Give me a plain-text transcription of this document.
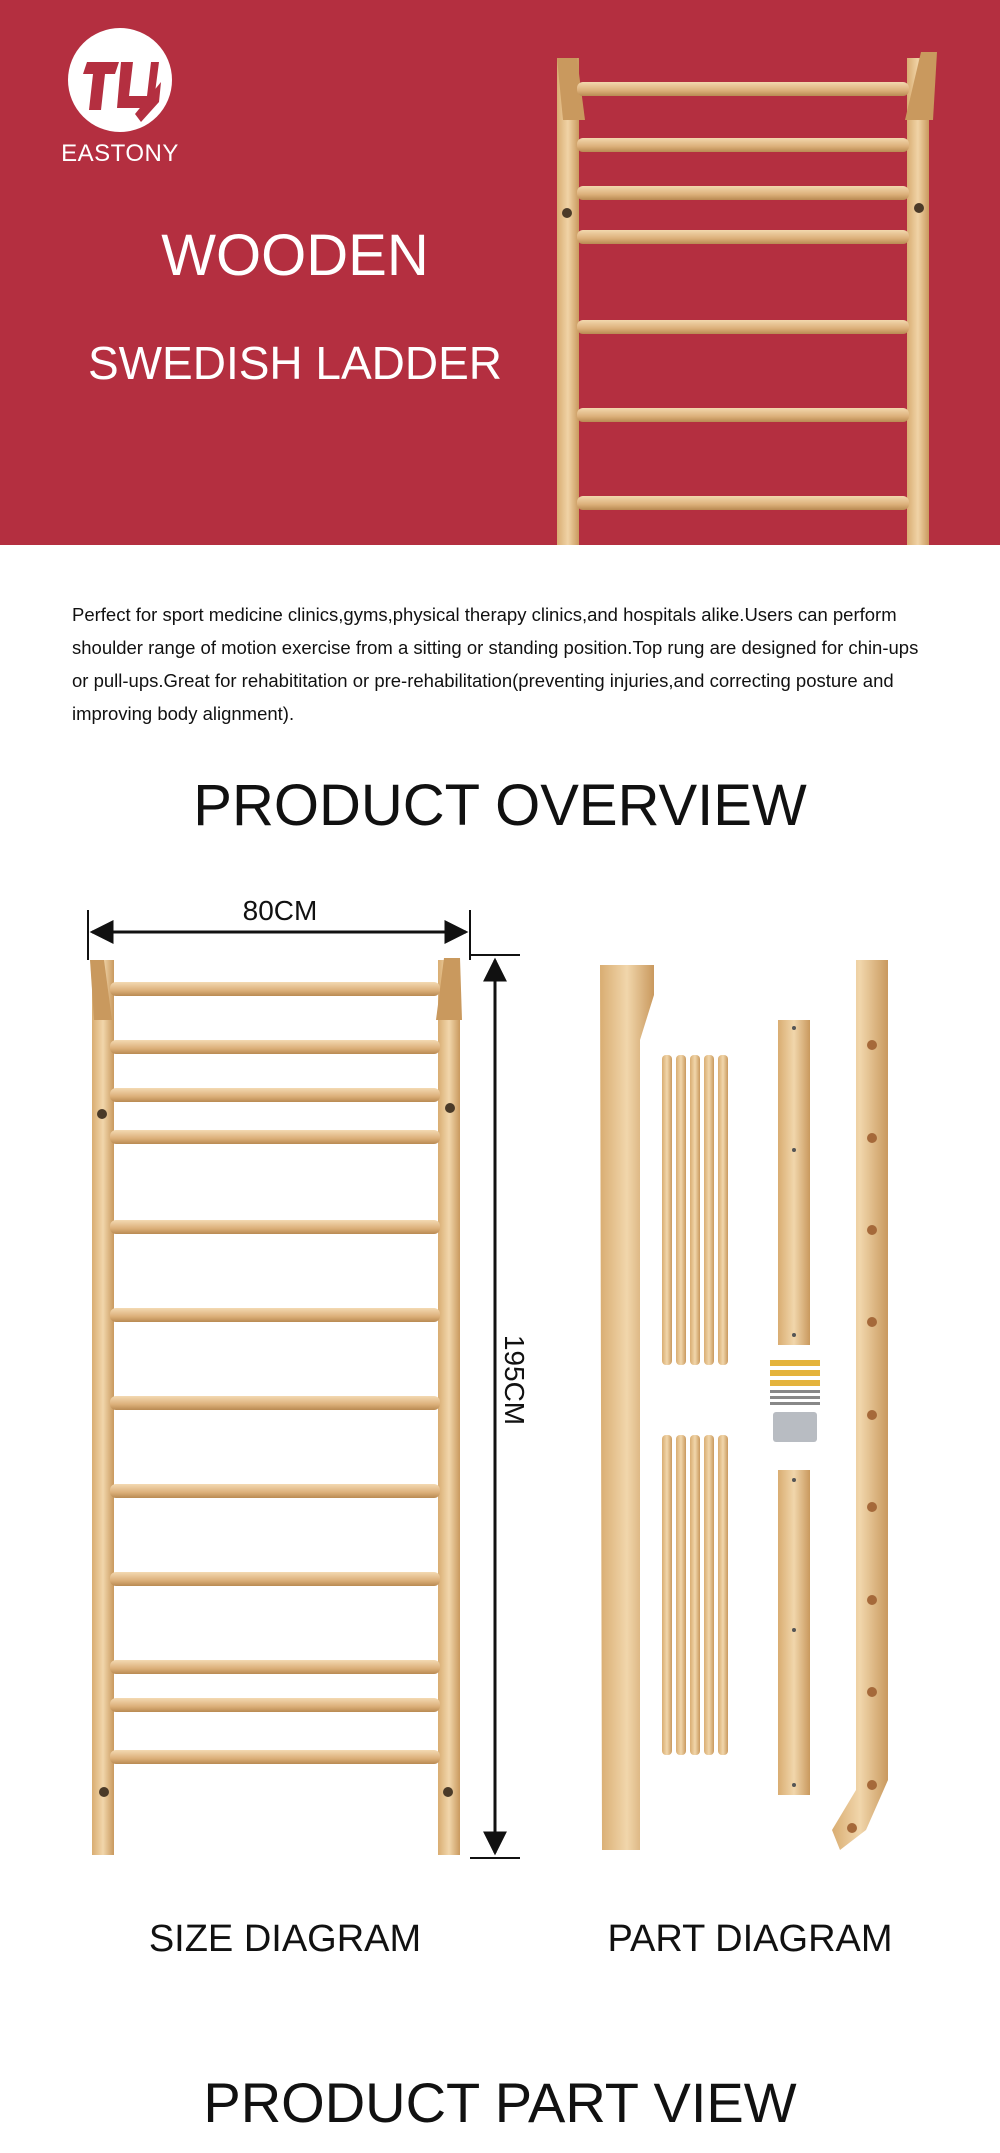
EASTONY
WOODEN
SWEDISH LADDER

Perfect for sport medicine clinics,gyms,physical therapy clinics,and hospitals alike.Users can perform shoulder range of motion exercise from a sitting or standing position.Top rung are designed for chin-ups or pull-ups.Great for rehabititation or pre-rehabilitation(preventing injuries,and correcting posture and improving body alignment).

PRODUCT OVERVIEW
80CM
195CM
SIZE DIAGRAM	PART DIAGRAM
PRODUCT PART VIEW
